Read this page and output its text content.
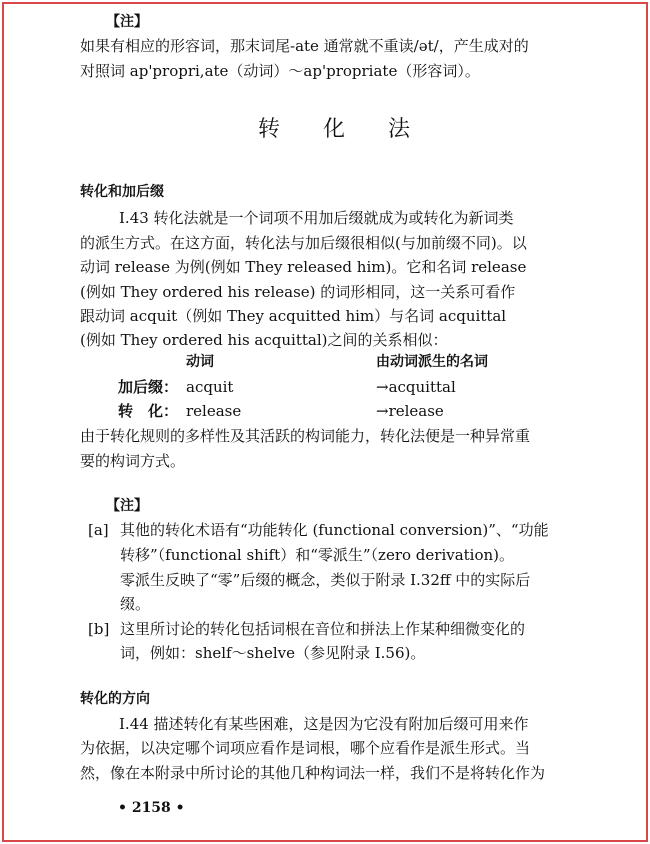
【注】
如果有相应的形容词，那末词尾-ate 通常就不重读/ət/，产生成对的
对照词 ap'propri,ate（动词）～ap'propriate（形容词）。
转 化 法
转化和加后缀
Ⅰ.43 转化法就是一个词项不用加后缀就成为或转化为新词类
的派生方式。在这方面，转化法与加后缀很相似(与加前缀不同)。以
动词 release 为例(例如 They released him)。它和名词 release
(例如 They ordered his release) 的词形相同，这一关系可看作
跟动词 acquit（例如 They acquitted him）与名词 acquittal
(例如 They ordered his acquittal)之间的关系相似：
动词	由动词派生的名词
加后缀： acquit	→acquittal
转　化： release	→release
由于转化规则的多样性及其活跃的构词能力，转化法便是一种异常重
要的构词方式。
【注】
[a] 其他的转化术语有“功能转化 (functional conversion)”、“功能
转移”（functional shift）和“零派生”（zero derivation)。
零派生反映了“零”后缀的概念，类似于附录 Ⅰ.32ff 中的实际后
缀。
[b] 这里所讨论的转化包括词根在音位和拼法上作某种细微变化的
词，例如：shelf～shelve（参见附录 Ⅰ.56)。
转化的方向
Ⅰ.44 描述转化有某些困难，这是因为它没有附加后缀可用来作
为依据，以决定哪个词项应看作是词根，哪个应看作是派生形式。当
然，像在本附录中所讨论的其他几种构词法一样，我们不是将转化作为
• 2158 •
